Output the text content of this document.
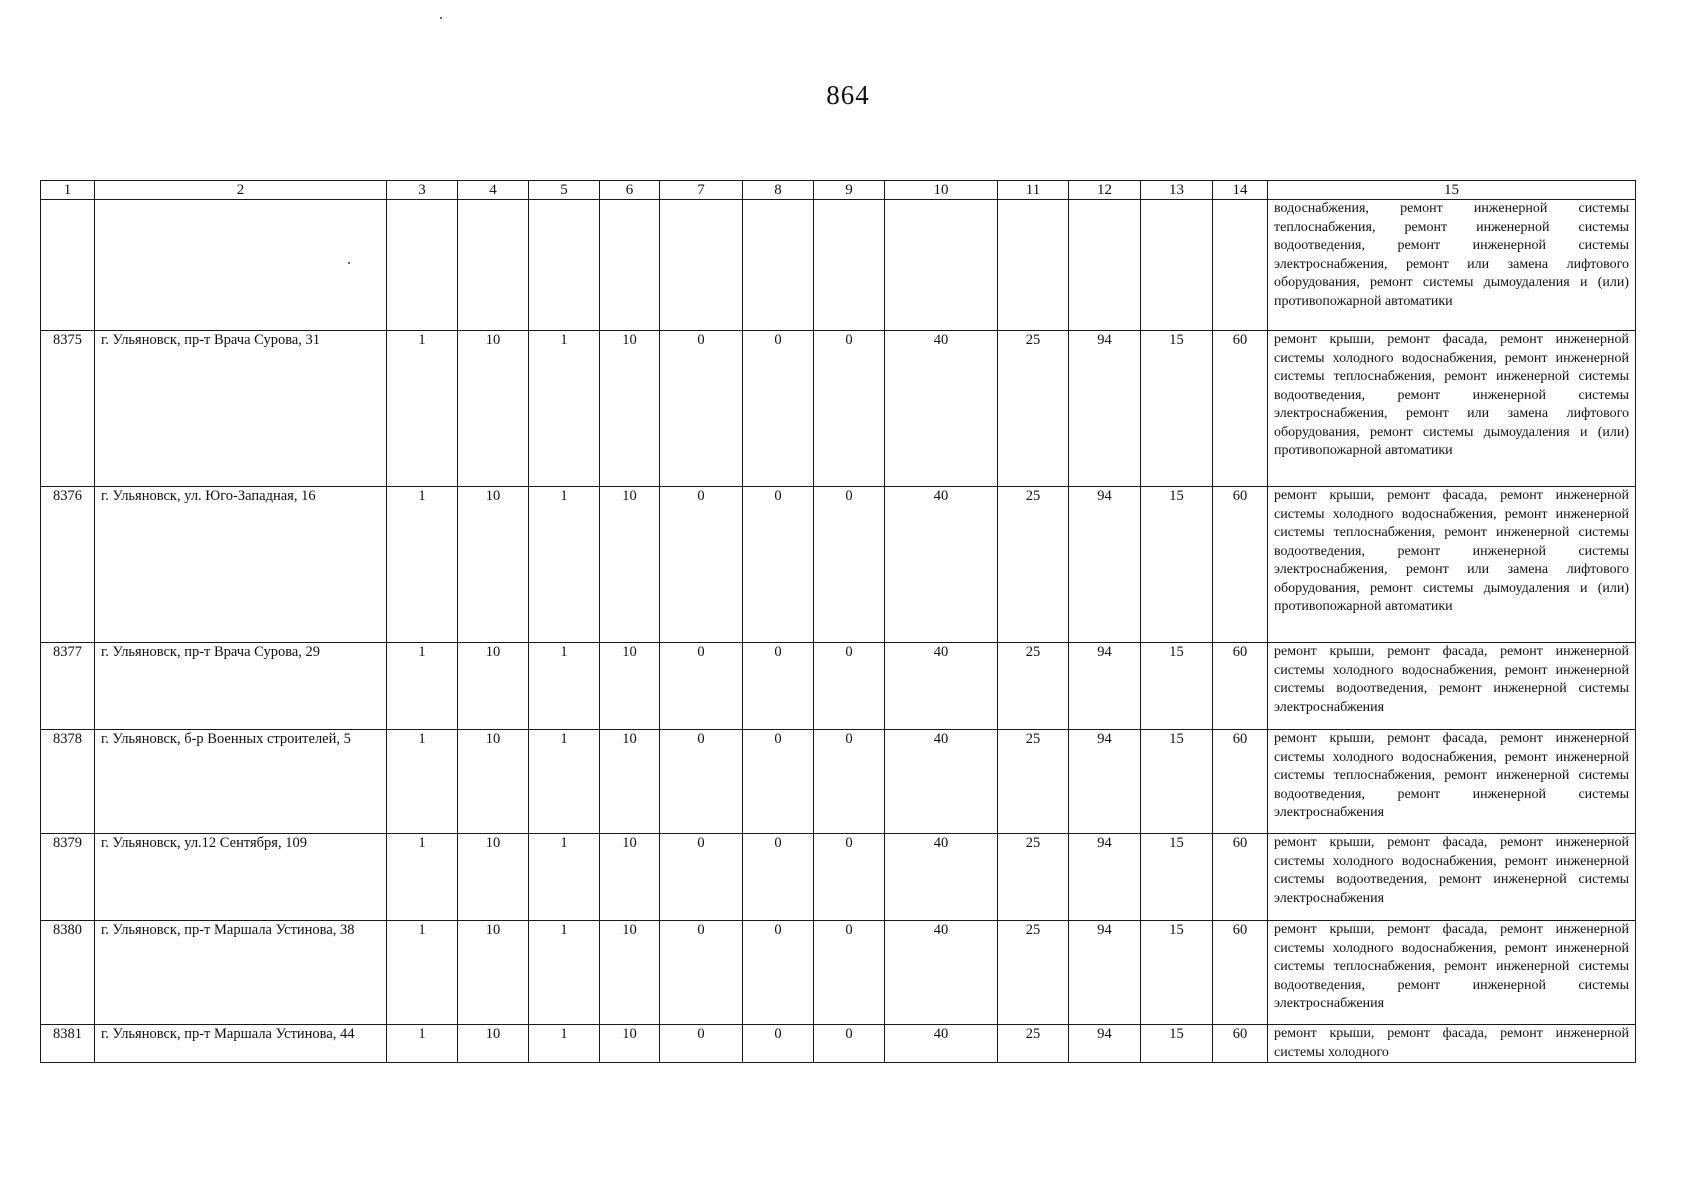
864
1	2	3	4	5	6	7	8	9	10	11	12	13	14	15
														водоснабжения, ремонт инженерной системы теплоснабжения, ремонт инженерной системы водоотведения, ремонт инженерной системы электроснабжения, ремонт или замена лифтового оборудования, ремонт системы дымоудаления и (или) противопожарной автоматики
8375	г. Ульяновск, пр-т Врача Сурова, 31	1	10	1	10	0	0	0	40	25	94	15	60	ремонт крыши, ремонт фасада, ремонт инженерной системы холодного водоснабжения, ремонт инженерной системы теплоснабжения, ремонт инженерной системы водоотведения, ремонт инженерной системы электроснабжения, ремонт или замена лифтового оборудования, ремонт системы дымоудаления и (или) противопожарной автоматики
8376	г. Ульяновск, ул. Юго-Западная, 16	1	10	1	10	0	0	0	40	25	94	15	60	ремонт крыши, ремонт фасада, ремонт инженерной системы холодного водоснабжения, ремонт инженерной системы теплоснабжения, ремонт инженерной системы водоотведения, ремонт инженерной системы электроснабжения, ремонт или замена лифтового оборудования, ремонт системы дымоудаления и (или) противопожарной автоматики
8377	г. Ульяновск, пр-т Врача Сурова, 29	1	10	1	10	0	0	0	40	25	94	15	60	ремонт крыши, ремонт фасада, ремонт инженерной системы холодного водоснабжения, ремонт инженерной системы водоотведения, ремонт инженерной системы электроснабжения
8378	г. Ульяновск, б-р Военных строителей, 5	1	10	1	10	0	0	0	40	25	94	15	60	ремонт крыши, ремонт фасада, ремонт инженерной системы холодного водоснабжения, ремонт инженерной системы теплоснабжения, ремонт инженерной системы водоотведения, ремонт инженерной системы электроснабжения
8379	г. Ульяновск, ул.12 Сентября, 109	1	10	1	10	0	0	0	40	25	94	15	60	ремонт крыши, ремонт фасада, ремонт инженерной системы холодного водоснабжения, ремонт инженерной системы водоотведения, ремонт инженерной системы электроснабжения
8380	г. Ульяновск, пр-т Маршала Устинова, 38	1	10	1	10	0	0	0	40	25	94	15	60	ремонт крыши, ремонт фасада, ремонт инженерной системы холодного водоснабжения, ремонт инженерной системы теплоснабжения, ремонт инженерной системы водоотведения, ремонт инженерной системы электроснабжения
8381	г. Ульяновск, пр-т Маршала Устинова, 44	1	10	1	10	0	0	0	40	25	94	15	60	ремонт крыши, ремонт фасада, ремонт инженерной системы холодного
